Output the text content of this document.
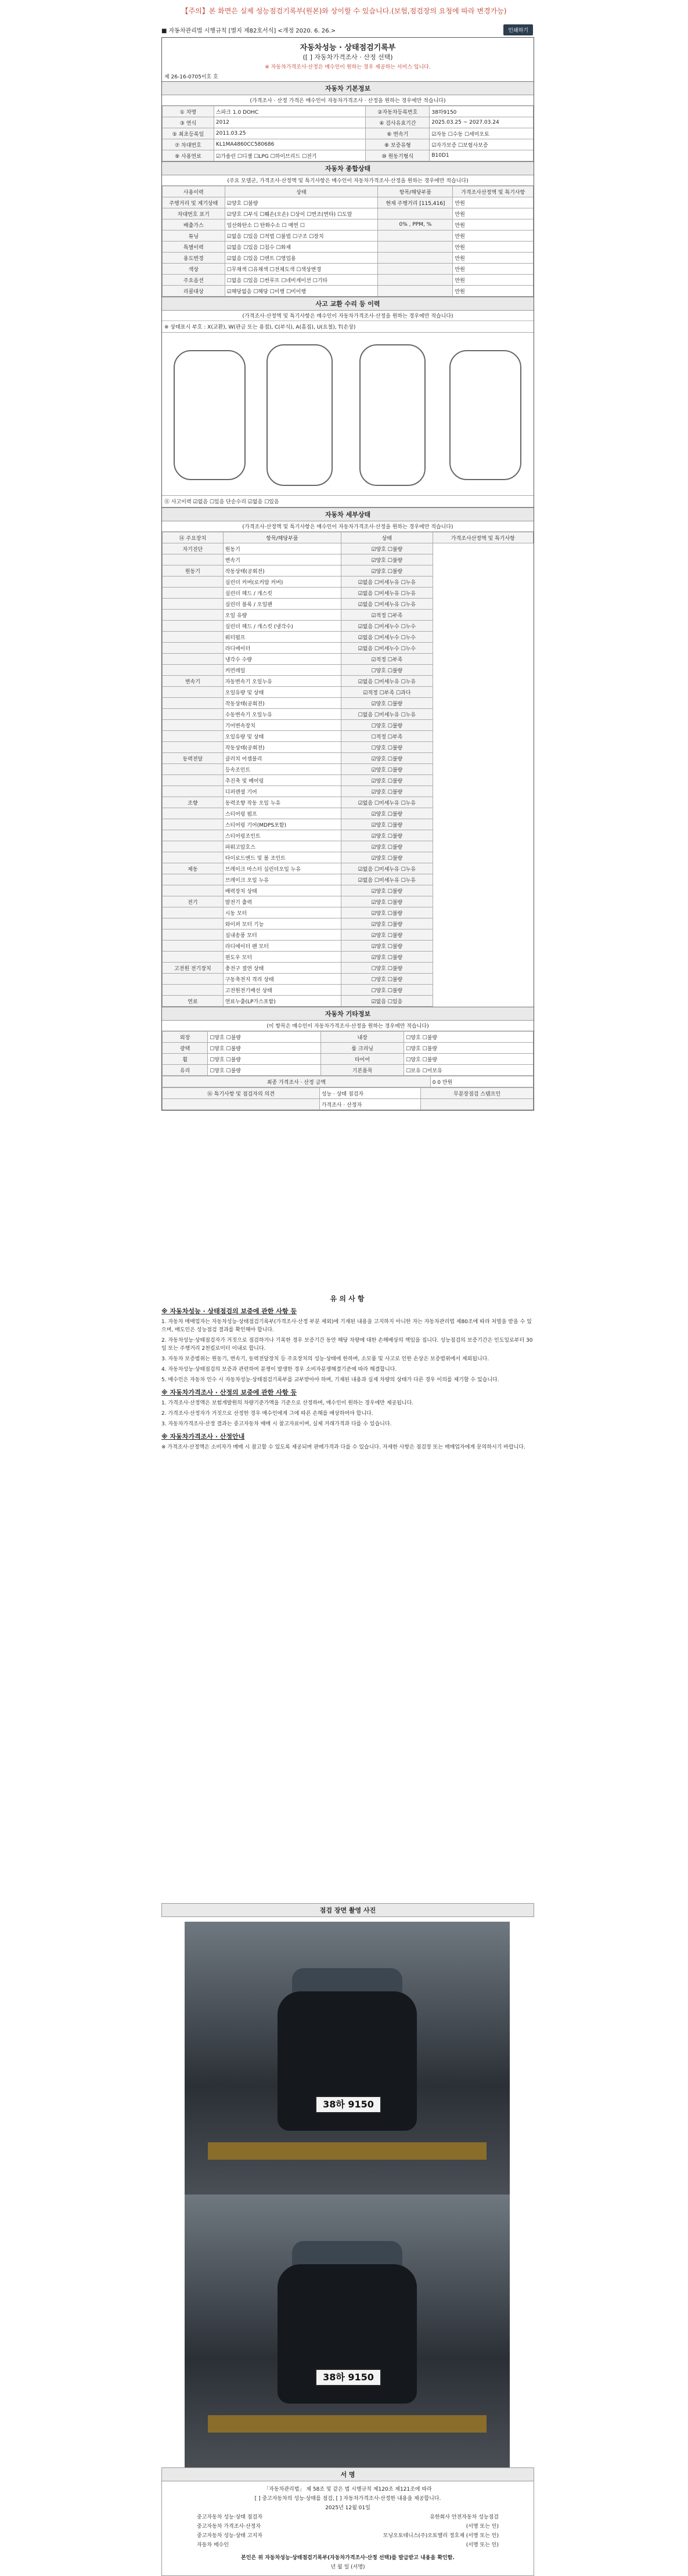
【주의】본 화면은 실제 성능점검기록부(원본)와 상이할 수 있습니다.(보험,점검장의 요청에 따라 변경가능)
■ 자동차관리법 시행규칙 [별지 제82호서식] <개정 2020. 6. 26.>	인쇄하기
자동차성능 · 상태점검기록부
([ ] 자동차가격조사 · 산정 선택)
※ 자동차가격조사·산정은 매수인이 원하는 경우 제공하는 서비스 입니다.
제 26-16-0705이호 호
자동차 기본정보
(가격조사 · 산정 가격은 매수인이 자동차가격조사 · 산정을 원하는 경우에만 적습니다)
① 차명	스파크 1.0 DOHC	②자동차등록번호	38하9150
③ 연식	2012	④ 검사유효기간	2025.03.25 ~ 2027.03.24
⑤ 최초등록일	2011.03.25	⑥ 변속기	☑자동 ☐수동 ☐세미오토
⑦ 차대번호	KL1MA4860CC580686	⑧ 보증유형	☑자가보증 ☐보험사보증
⑨ 사용연료	☑가솔린 ☐디젤 ☐LPG ☐하이브리드 ☐전기	⑩ 원동기형식	B10D1
자동차 종합상태
(주요 모델군, 가격조사·산정액 및 특기사항은 매수인이 자동차가격조사·산정을 원하는 경우에만 적습니다)
사용이력	상태	항목/해당부품	가격조사산정액 및 특기사항
주행거리 및 계기상태	☑양호 ☐불량	현재 주행거리 [115,416]	만원
차대번호 표기	☑양호 ☐부식 ☐훼손(오손) ☐상이 ☐변조(변타) ☐도말		만원
배출가스	일산화탄소 ☐ 탄화수소 ☐ 매연 ☐	0% , PPM, %	만원
튜닝	☑없음 ☐있음 ☐적법 ☐불법 ☐구조 ☐장치		만원
특별이력	☑없음 ☐있음 ☐침수 ☐화재		만원
용도변경	☑없음 ☐있음 ☐렌트 ☐영업용		만원
색상	☐무채색 ☐유채색 ☐전체도색 ☐색상변경		만원
주요옵션	☐없음 ☐있음 ☐썬루프 ☐네비게이션 ☐기타		만원
리콜대상	☑해당없음 ☐해당 ☐이행 ☐미이행		만원
사고 교환 수리 등 이력
(가격조사·산정액 및 특기사항은 매수인이 자동차가격조사·산정을 원하는 경우에만 적습니다)
※ 상태표시 부호 : X(교환), W(판금 또는 용접), C(부식), A(흠집), U(요철), T(손상)
⑪ 사고이력 ☑없음 ☐있음 단순수리 ☑없음 ☐있음
자동차 세부상태
(가격조사·산정액 및 특기사항은 매수인이 자동차가격조사·산정을 원하는 경우에만 적습니다)
⑭ 주요장치	항목/해당부품	상태	가격조사산정액 및 특기사항
자기진단	원동기	☑양호 ☐불량	
	변속기	☑양호 ☐불량	
원동기	작동상태(공회전)	☑양호 ☐불량	
	실린더 커버(로커암 커버)	☑없음 ☐미세누유 ☐누유	
	실린더 헤드 / 개스킷	☑없음 ☐미세누유 ☐누유	
	실린더 블록 / 오일팬	☑없음 ☐미세누유 ☐누유	
	오일 유량	☑적정 ☐부족	
	실린더 헤드 / 개스킷 (냉각수)	☑없음 ☐미세누수 ☐누수	
	워터펌프	☑없음 ☐미세누수 ☐누수	
	라디에이터	☑없음 ☐미세누수 ☐누수	
	냉각수 수량	☑적정 ☐부족	
	커먼레일	☐양호 ☐불량	
변속기	자동변속기 오일누유	☑없음 ☐미세누유 ☐누유	
	오일유량 및 상태	☑적정 ☐부족 ☐과다	
	작동상태(공회전)	☑양호 ☐불량	
	수동변속기 오일누유	☐없음 ☐미세누유 ☐누유	
	기어변속장치	☐양호 ☐불량	
	오일유량 및 상태	☐적정 ☐부족	
	작동상태(공회전)	☐양호 ☐불량	
동력전달	클러치 어셈블리	☑양호 ☐불량	
	등속조인트	☑양호 ☐불량	
	추진축 및 베어링	☑양호 ☐불량	
	디퍼렌셜 기어	☑양호 ☐불량	
조향	동력조향 작동 오일 누유	☑없음 ☐미세누유 ☐누유	
	스티어링 펌프	☑양호 ☐불량	
	스티어링 기어(MDPS포함)	☑양호 ☐불량	
	스티어링조인트	☑양호 ☐불량	
	파워고압호스	☑양호 ☐불량	
	타이로드엔드 및 볼 조인트	☑양호 ☐불량	
제동	브레이크 마스터 실린더오일 누유	☑없음 ☐미세누유 ☐누유	
	브레이크 오일 누유	☑없음 ☐미세누유 ☐누유	
	배력장치 상태	☑양호 ☐불량	
전기	발전기 출력	☑양호 ☐불량	
	시동 모터	☑양호 ☐불량	
	와이퍼 모터 기능	☑양호 ☐불량	
	실내송풍 모터	☑양호 ☐불량	
	라디에이터 팬 모터	☑양호 ☐불량	
	윈도우 모터	☑양호 ☐불량	
고전원 전기장치	충전구 절연 상태	☐양호 ☐불량	
	구동축전지 격리 상태	☐양호 ☐불량	
	고전원전기배선 상태	☐양호 ☐불량	
연료	연료누출(LP가스포함)	☑없음 ☐있음	
자동차 기타정보
(이 항목은 매수인이 자동차가격조사·산정을 원하는 경우에만 적습니다)
외장	☐양호 ☐불량	내장	☐양호 ☐불량
광택	☐양호 ☐불량	룸 크리닝	☐양호 ☐불량
휠	☐양호 ☐불량	타이어	☐양호 ☐불량
유리	☐양호 ☐불량	기본품목	☐보유 ☐미보유
최종 가격조사 · 산정 금액	0 0 만원
⑯ 특기사항 및 점검자의 의견	성능 · 상태 점검자	무분장점검 스탬프인
	가격조사 · 산정자	
유 의 사 항
※ 자동차성능 · 상태점검의 보증에 관한 사항 등

1. 자동차 매매업자는 자동차성능·상태점검기록부(가격조사·산정 부분 제외)에 기재된 내용을 고지하지 아니한 자는 자동차관리법 제80조에 따라 처벌을 받을 수 있으며, 매도인은 성능점검 결과를 확인해야 합니다.

2. 자동차성능·상태점검자가 거짓으로 점검하거나 기록한 경우 보증기간 동안 해당 차량에 대한 손해배상의 책임을 집니다. 성능점검의 보증기간은 인도일로부터 30일 또는 주행거리 2천킬로미터 이내로 합니다.

3. 자동차 보증범위는 원동기, 변속기, 동력전달장치 등 주요장치의 성능·상태에 한하며, 소모품 및 사고로 인한 손상은 보증범위에서 제외됩니다.

4. 자동차성능·상태점검의 보증과 관련하여 분쟁이 발생한 경우 소비자분쟁해결기준에 따라 해결합니다.

5. 매수인은 자동차 인수 시 자동차성능·상태점검기록부를 교부받아야 하며, 기재된 내용과 실제 차량의 상태가 다른 경우 이의를 제기할 수 있습니다.

※ 자동차가격조사 · 산정의 보증에 관한 사항 등

1. 가격조사·산정액은 보험개발원의 차량기준가액을 기준으로 산정하며, 매수인이 원하는 경우에만 제공됩니다.

2. 가격조사·산정자가 거짓으로 산정한 경우 매수인에게 그에 따른 손해를 배상하여야 합니다.

3. 자동차가격조사·산정 결과는 중고자동차 매매 시 참고자료이며, 실제 거래가격과 다를 수 있습니다.

※ 자동차가격조사 · 산정안내

※ 가격조사·산정액은 소비자가 매매 시 참고할 수 있도록 제공되며 판매가격과 다를 수 있습니다. 자세한 사항은 점검장 또는 매매업자에게 문의하시기 바랍니다.

점검 장면 촬영 사진
38하 9150
38하 9150
서 명
「자동차관리법」 제 58조 및 같은 법 시행규칙 제120조 제121조에 따라
[ ] 중고자동차의 성능·상태를 점검, [ ] 자동차가격조사·산정한 내용을 제공합니다.
2025년 12월 01일
중고자동차 성능·상태 점검자	유한회사 안전자동차 성능점검
중고자동차 가격조사·산정자	(서명 또는 인)
중고자동차 성능·상태 고지자	모닝오토테니스(주)오토밸리 정호재 (서명 또는 인)
자동차 매수인	(서명 또는 인)
본인은 위 자동차성능·상태점검기록부(자동차가격조사·산정 선택)를 발급받고 내용을 확인함.
년 월 일 (서명)
